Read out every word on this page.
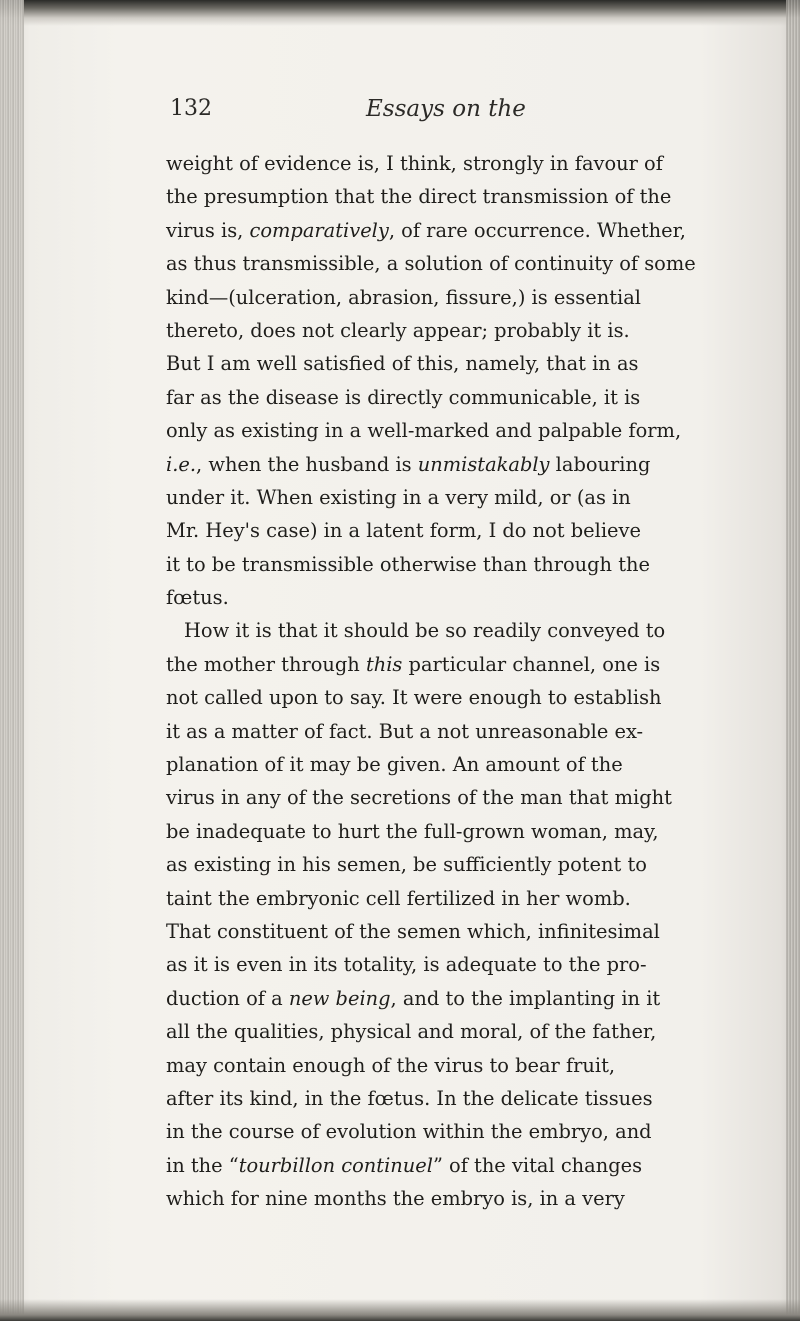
132	Essays on the
weight of evidence is, I think, strongly in favour of
the presumption that the direct transmission of the
virus is, comparatively, of rare occurrence. Whether,
as thus transmissible, a solution of continuity of some
kind—(ulceration, abrasion, fissure,) is essential
thereto, does not clearly appear; probably it is.
But I am well satisfied of this, namely, that in as
far as the disease is directly communicable, it is
only as existing in a well-marked and palpable form,
i.e., when the husband is unmistakably labouring
under it. When existing in a very mild, or (as in
Mr. Hey's case) in a latent form, I do not believe
it to be transmissible otherwise than through the
fœtus.
How it is that it should be so readily conveyed to
the mother through this particular channel, one is
not called upon to say. It were enough to establish
it as a matter of fact. But a not unreasonable ex-
planation of it may be given. An amount of the
virus in any of the secretions of the man that might
be inadequate to hurt the full-grown woman, may,
as existing in his semen, be sufficiently potent to
taint the embryonic cell fertilized in her womb.
That constituent of the semen which, infinitesimal
as it is even in its totality, is adequate to the pro-
duction of a new being, and to the implanting in it
all the qualities, physical and moral, of the father,
may contain enough of the virus to bear fruit,
after its kind, in the fœtus. In the delicate tissues
in the course of evolution within the embryo, and
in the “tourbillon continuel” of the vital changes
which for nine months the embryo is, in a very
